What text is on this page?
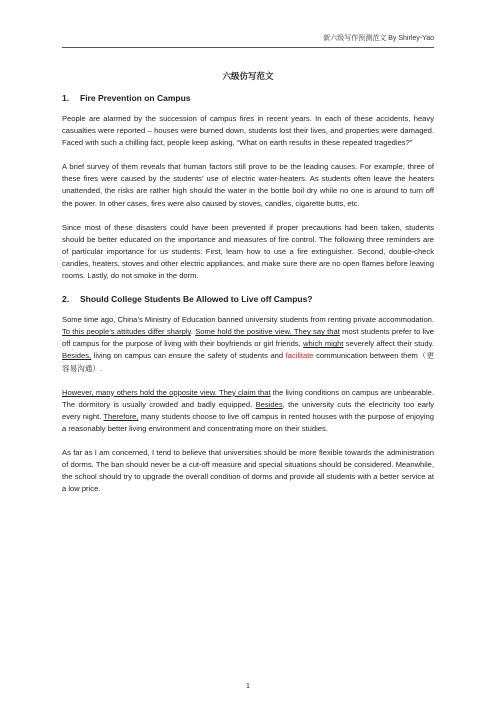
新六级写作预测范文 By Shirley-Yao
六级仿写范文
1. Fire Prevention on Campus

People are alarmed by the succession of campus fires in recent years. In each of these accidents, heavy casualties were reported – houses were burned down, students lost their lives, and properties were damaged. Faced with such a chilling fact, people keep asking, “What on earth results in these repeated tragedies?”

A brief survey of them reveals that human factors still prove to be the leading causes. For example, three of these fires were caused by the students’ use of electric water-heaters. As students often leave the heaters unattended, the risks are rather high should the water in the bottle boil dry while no one is around to turn off the power. In other cases, fires were also caused by stoves, candles, cigarette butts, etc.

Since most of these disasters could have been prevented if proper precautions had been taken, students should be better educated on the importance and measures of fire control. The following three reminders are of particular importance for us students: First, learn how to use a fire extinguisher. Second, double-check candles, heaters, stoves and other electric appliances, and make sure there are no open flames before leaving rooms. Lastly, do not smoke in the dorm.

2. Should College Students Be Allowed to Live off Campus?

Some time ago, China’s Ministry of Education banned university students from renting private accommodation. To this people’s attitudes differ sharply. Some hold the positive view. They say that most students prefer to live off campus for the purpose of living with their boyfriends or girl friends, which might severely affect their study. Besides, living on campus can ensure the safety of students and facilitate communication between them（更容易沟通）.

However, many others hold the opposite view. They claim that the living conditions on campus are unbearable. The dormitory is usually crowded and badly equipped. Besides, the university cuts the electricity too early every night. Therefore, many students choose to live off campus in rented houses with the purpose of enjoying a reasonably better living environment and concentrating more on their studies.

As far as I am concerned, I tend to believe that universities should be more flexible towards the administration of dorms. The ban should never be a cut-off measure and special situations should be considered. Meanwhile, the school should try to upgrade the overall condition of dorms and provide all students with a better service at a low price.

1
